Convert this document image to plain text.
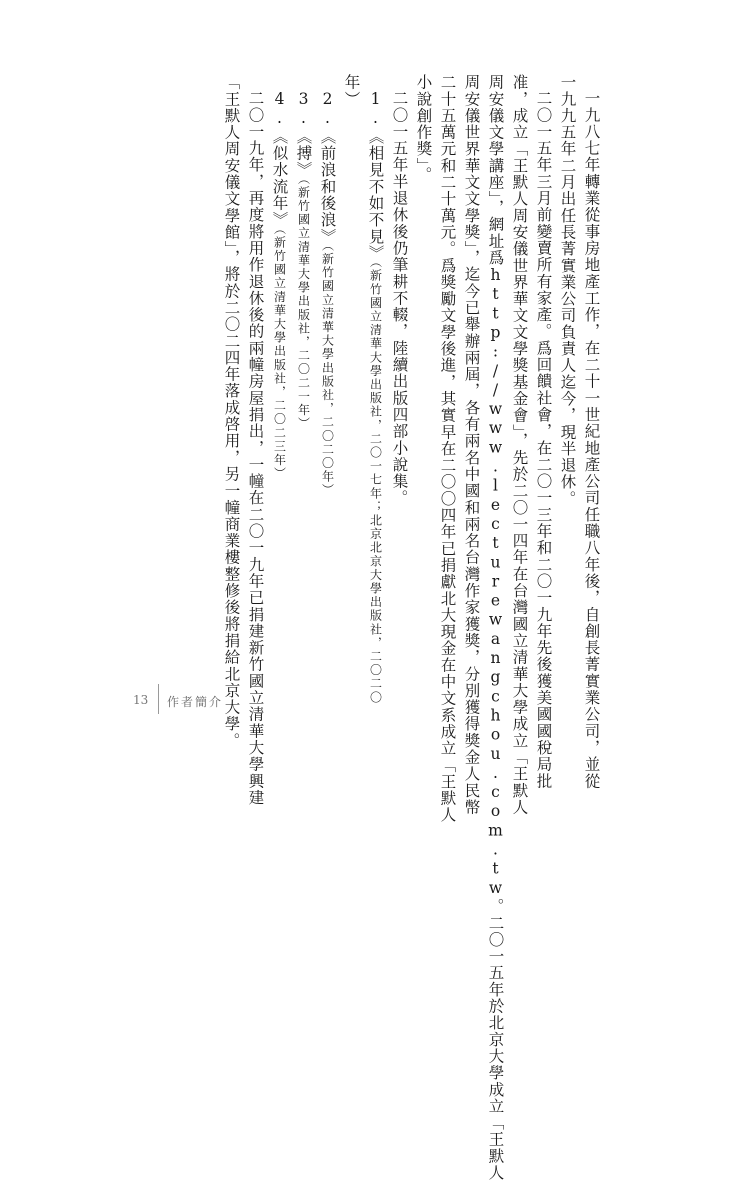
一九八七年轉業從事房地產工作，在二十一世紀地產公司任職八年後，自創長菁實業公司，並從
一九九五年二月出任長菁實業公司負責人迄今，現半退休。
二〇一五年三月前變賣所有家產。爲回饋社會，在二〇一三年和二〇一九年先後獲美國國稅局批
准，成立「王默人周安儀世界華文文學獎基金會」，先於二〇一四年在台灣國立清華大學成立「王默人
周安儀文學講座」，網址爲http://www.lecturewangchou.com.tw。二〇一五年於北京大學成立「王默人
周安儀世界華文文學獎」，迄今已舉辦兩屆，各有兩名中國和兩名台灣作家獲獎，分別獲得獎金人民幣
二十五萬元和二十萬元。爲獎勵文學後進，其實早在二〇〇四年已捐獻北大現金在中文系成立「王默人
小說創作獎」。
二〇一五年半退休後仍筆耕不輟，陸續出版四部小說集。
1.《相見不如不見》（新竹國立清華大學出版社，二〇一七年；北京北京大學出版社，二〇二〇
年）
2.《前浪和後浪》（新竹國立清華大學出版社，二〇二〇年）
3.《搏》（新竹國立清華大學出版社，二〇二一年）
4.《似水流年》（新竹國立清華大學出版社，二〇二三年）
二〇一九年，再度將用作退休後的兩幢房屋捐出，一幢在二〇一九年已捐建新竹國立清華大學興建
「王默人周安儀文學館」，將於二〇二四年落成啓用，另一幢商業樓整修後將捐給北京大學。
13 作者簡介
